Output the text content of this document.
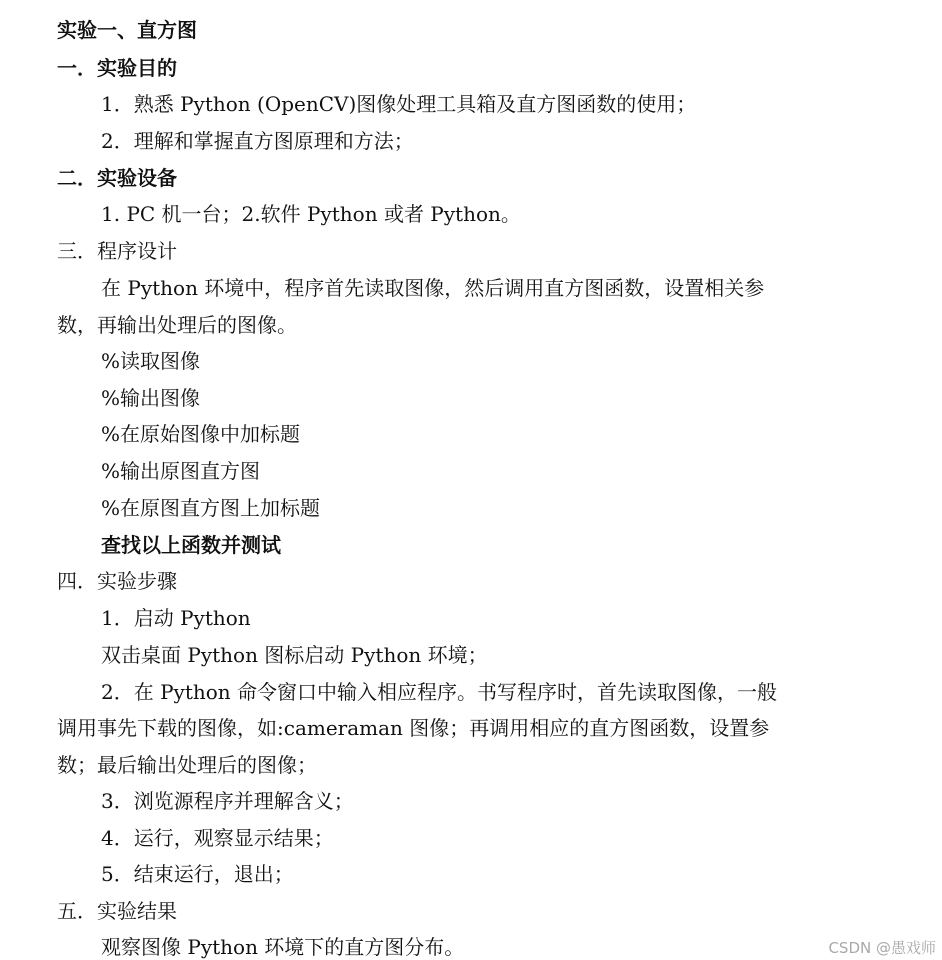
实验一、直方图
一．实验目的
1．熟悉 Python (OpenCV)图像处理工具箱及直方图函数的使用；
2．理解和掌握直方图原理和方法；
二．实验设备
1. PC 机一台；2.软件 Python 或者 Python。
三．程序设计
在 Python 环境中，程序首先读取图像，然后调用直方图函数，设置相关参
数，再输出处理后的图像。
%读取图像
%输出图像
%在原始图像中加标题
%输出原图直方图
%在原图直方图上加标题
查找以上函数并测试
四．实验步骤
1．启动 Python
双击桌面 Python 图标启动 Python 环境；
2．在 Python 命令窗口中输入相应程序。书写程序时，首先读取图像，一般
调用事先下载的图像，如:cameraman 图像；再调用相应的直方图函数，设置参
数；最后输出处理后的图像；
3．浏览源程序并理解含义；
4．运行，观察显示结果；
5．结束运行，退出；
五．实验结果
观察图像 Python 环境下的直方图分布。	CSDN @愚戏师
